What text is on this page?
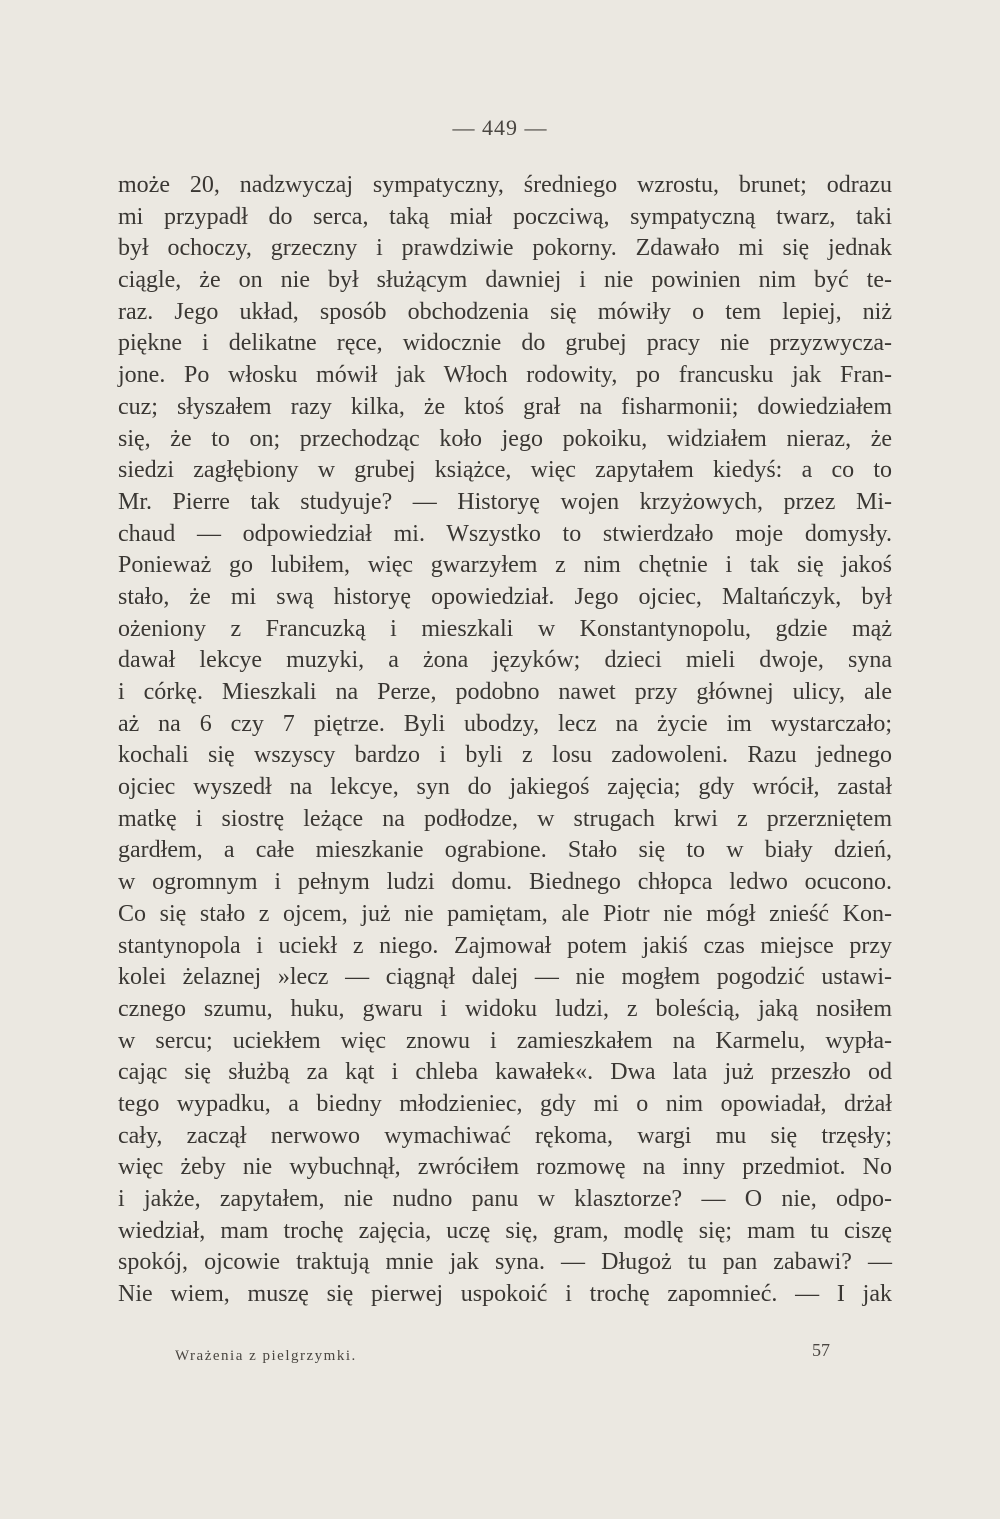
— 449 —
może 20, nadzwyczaj sympatyczny, średniego wzrostu, brunet; odrazu
mi przypadł do serca, taką miał poczciwą, sympatyczną twarz, taki
był ochoczy, grzeczny i prawdziwie pokorny. Zdawało mi się jednak
ciągle, że on nie był służącym dawniej i nie powinien nim być te-
raz. Jego układ, sposób obchodzenia się mówiły o tem lepiej, niż
piękne i delikatne ręce, widocznie do grubej pracy nie przyzwycza-
jone. Po włosku mówił jak Włoch rodowity, po francusku jak Fran-
cuz; słyszałem razy kilka, że ktoś grał na fisharmonii; dowiedziałem
się, że to on; przechodząc koło jego pokoiku, widziałem nieraz, że
siedzi zagłębiony w grubej książce, więc zapytałem kiedyś: a co to
Mr. Pierre tak studyuje? — Historyę wojen krzyżowych, przez Mi-
chaud — odpowiedział mi. Wszystko to stwierdzało moje domysły.
Ponieważ go lubiłem, więc gwarzyłem z nim chętnie i tak się jakoś
stało, że mi swą historyę opowiedział. Jego ojciec, Maltańczyk, był
ożeniony z Francuzką i mieszkali w Konstantynopolu, gdzie mąż
dawał lekcye muzyki, a żona języków; dzieci mieli dwoje, syna
i córkę. Mieszkali na Perze, podobno nawet przy głównej ulicy, ale
aż na 6 czy 7 piętrze. Byli ubodzy, lecz na życie im wystarczało;
kochali się wszyscy bardzo i byli z losu zadowoleni. Razu jednego
ojciec wyszedł na lekcye, syn do jakiegoś zajęcia; gdy wrócił, zastał
matkę i siostrę leżące na podłodze, w strugach krwi z przerzniętem
gardłem, a całe mieszkanie ograbione. Stało się to w biały dzień,
w ogromnym i pełnym ludzi domu. Biednego chłopca ledwo ocucono.
Co się stało z ojcem, już nie pamiętam, ale Piotr nie mógł znieść Kon-
stantynopola i uciekł z niego. Zajmował potem jakiś czas miejsce przy
kolei żelaznej »lecz — ciągnął dalej — nie mogłem pogodzić ustawi-
cznego szumu, huku, gwaru i widoku ludzi, z boleścią, jaką nosiłem
w sercu; uciekłem więc znowu i zamieszkałem na Karmelu, wypła-
cając się służbą za kąt i chleba kawałek«. Dwa lata już przeszło od
tego wypadku, a biedny młodzieniec, gdy mi o nim opowiadał, drżał
cały, zaczął nerwowo wymachiwać rękoma, wargi mu się trzęsły;
więc żeby nie wybuchnął, zwróciłem rozmowę na inny przedmiot. No
i jakże, zapytałem, nie nudno panu w klasztorze? — O nie, odpo-
wiedział, mam trochę zajęcia, uczę się, gram, modlę się; mam tu ciszę
spokój, ojcowie traktują mnie jak syna. — Długoż tu pan zabawi? —
Nie wiem, muszę się pierwej uspokoić i trochę zapomnieć. — I jak
Wrażenia z pielgrzymki.	57
